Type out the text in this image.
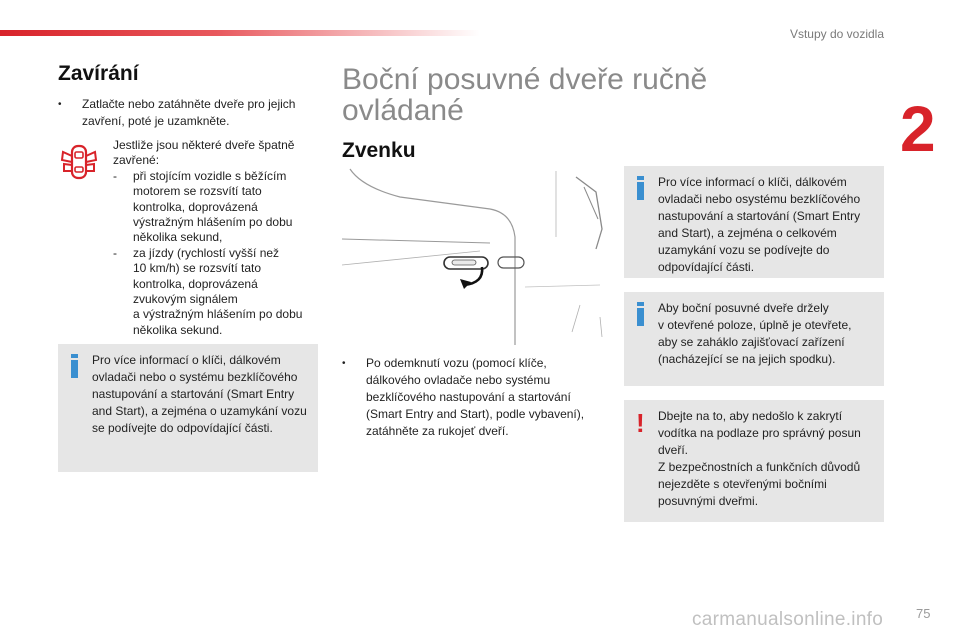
Vstupy do vozidla
2
Zavírání
• Zatlačte nebo zatáhněte dveře pro jejich
zavření, poté je uzamkněte.
Jestliže jsou některé dveře špatně
zavřené:
- při stojícím vozidle s běžícím
motorem se rozsvítí tato
kontrolka, doprovázená
výstražným hlášením po dobu
několika sekund,
- za jízdy (rychlostí vyšší než
10 km/h) se rozsvítí tato
kontrolka, doprovázená
zvukovým signálem
a výstražným hlášením po dobu
několika sekund.
Pro více informací o klíči, dálkovém
ovladači nebo o systému bezklíčového
nastupování a startování (Smart Entry
and Start), a zejména o uzamykání vozu
se podívejte do odpovídající části.
Boční posuvné dveře ručně
ovládané
Zvenku
• Po odemknutí vozu (pomocí klíče,
dálkového ovladače nebo systému
bezklíčového nastupování a startování
(Smart Entry and Start), podle vybavení),
zatáhněte za rukojeť dveří.
Pro více informací o klíči, dálkovém
ovladači nebo osystému bezklíčového
nastupování a startování (Smart Entry
and Start), a zejména o celkovém
uzamykání vozu se podívejte do
odpovídající části.
Aby boční posuvné dveře držely
v otevřené poloze, úplně je otevřete,
aby se zaháklo zajišťovací zařízení
(nacházející se na jejich spodku).
! Dbejte na to, aby nedošlo k zakrytí
vodítka na podlaze pro správný posun
dveří.
Z bezpečnostních a funkčních důvodů
nejezděte s otevřenými bočními
posuvnými dveřmi.
carmanualsonline.info	75
